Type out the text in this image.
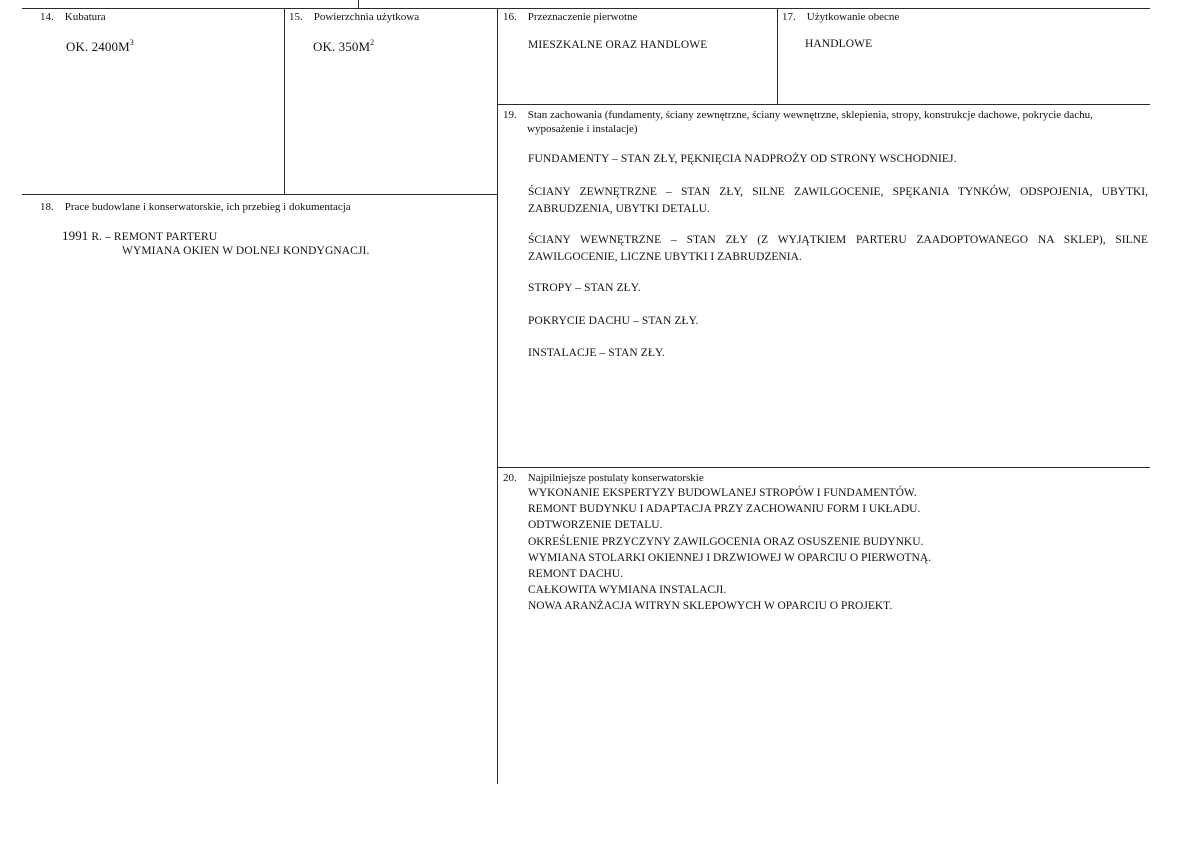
14. Kubatura
OK. $2400M^3$
15. Powierzchnia użytkowa
OK. $350M^2$
16. Przeznaczenie pierwotne
MIESZKALNE ORAZ HANDLOWE
17. Użytkowanie obecne
HANDLOWE
18. Prace budowlane i konserwatorskie, ich przebieg i dokumentacja
1991 R. – REMONT PARTERU
WYMIANA OKIEN W DOLNEJ KONDYGNACJI.
19. Stan zachowania (fundamenty, ściany zewnętrzne, ściany wewnętrzne, sklepienia, stropy, konstrukcje dachowe, pokrycie dachu,
wyposażenie i instalacje)
FUNDAMENTY – STAN ZŁY, PĘKNIĘCIA NADPROŻY OD STRONY WSCHODNIEJ.
ŚCIANY ZEWNĘTRZNE – STAN ZŁY, SILNE ZAWILGOCENIE, SPĘKANIA TYNKÓW, ODSPOJENIA, UBYTKI, ZABRUDZENIA, UBYTKI DETALU.
ŚCIANY WEWNĘTRZNE – STAN ZŁY (Z WYJĄTKIEM PARTERU ZAADOPTOWANEGO NA SKLEP), SILNE ZAWILGOCENIE, LICZNE UBYTKI I ZABRUDZENIA.
STROPY – STAN ZŁY.
POKRYCIE DACHU – STAN ZŁY.
INSTALACJE – STAN ZŁY.
20. Najpilniejsze postulaty konserwatorskie
WYKONANIE EKSPERTYZY BUDOWLANEJ STROPÓW I FUNDAMENTÓW.
REMONT BUDYNKU I ADAPTACJA PRZY ZACHOWANIU FORM I UKŁADU.
ODTWORZENIE DETALU.
OKREŚLENIE PRZYCZYNY ZAWILGOCENIA ORAZ OSUSZENIE BUDYNKU.
WYMIANA STOLARKI OKIENNEJ I DRZWIOWEJ W OPARCIU O PIERWOTNĄ.
REMONT DACHU.
CAŁKOWITA WYMIANA INSTALACJI.
NOWA ARANŻACJA WITRYN SKLEPOWYCH W OPARCIU O PROJEKT.
